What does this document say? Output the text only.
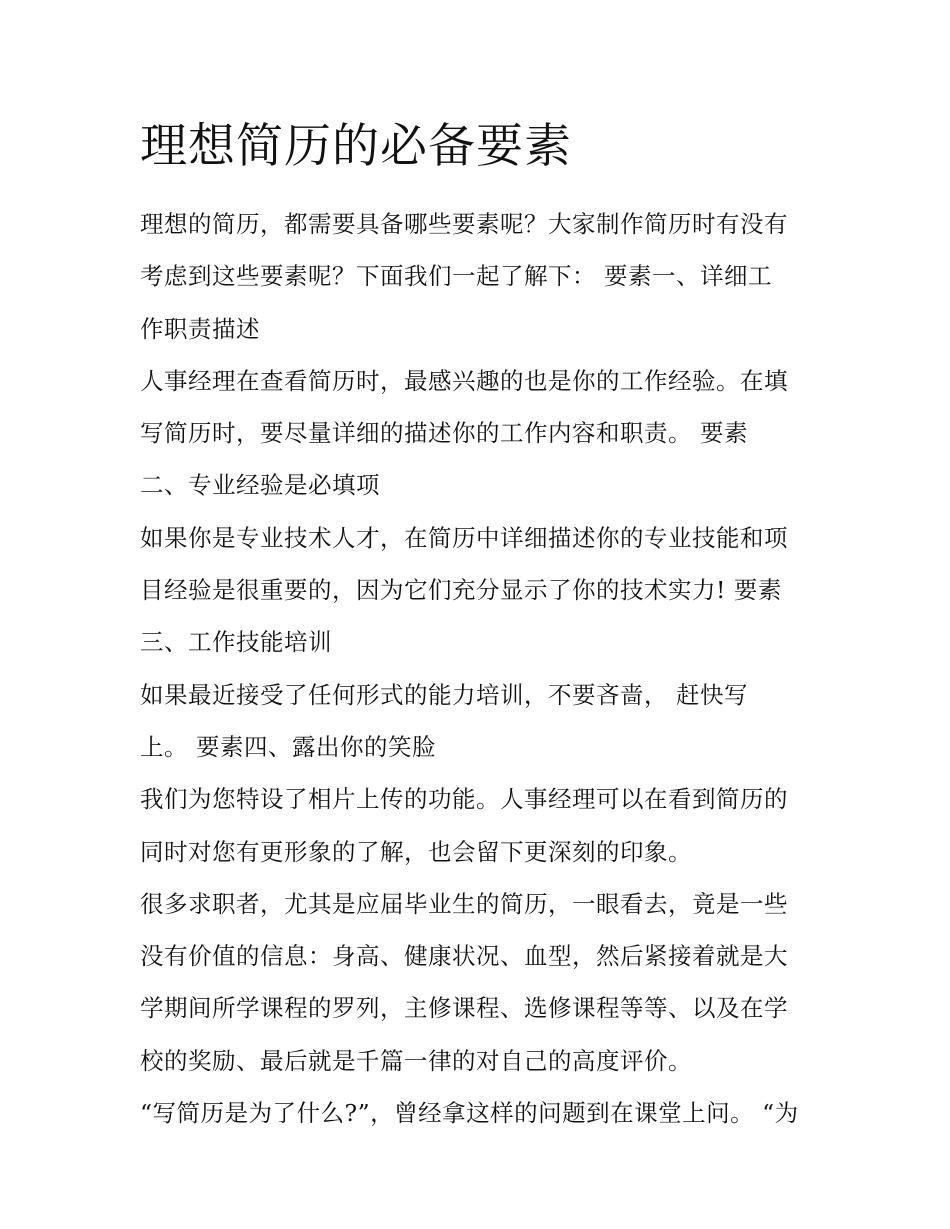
理想简历的必备要素
理想的简历，都需要具备哪些要素呢？大家制作简历时有没有
考虑到这些要素呢？下面我们一起了解下： 要素一、详细工
作职责描述
人事经理在查看简历时，最感兴趣的也是你的工作经验。在填
写简历时，要尽量详细的描述你的工作内容和职责。 要素
二、专业经验是必填项
如果你是专业技术人才，在简历中详细描述你的专业技能和项
目经验是很重要的，因为它们充分显示了你的技术实力! 要素
三、工作技能培训
如果最近接受了任何形式的能力培训，不要吝啬， 赶快写
上。 要素四、露出你的笑脸
我们为您特设了相片上传的功能。人事经理可以在看到简历的
同时对您有更形象的了解，也会留下更深刻的印象。
很多求职者，尤其是应届毕业生的简历，一眼看去，竟是一些
没有价值的信息：身高、健康状况、血型，然后紧接着就是大
学期间所学课程的罗列，主修课程、选修课程等等、以及在学
校的奖励、最后就是千篇一律的对自己的高度评价。
“写简历是为了什么?”，曾经拿这样的问题到在课堂上问。 “为
